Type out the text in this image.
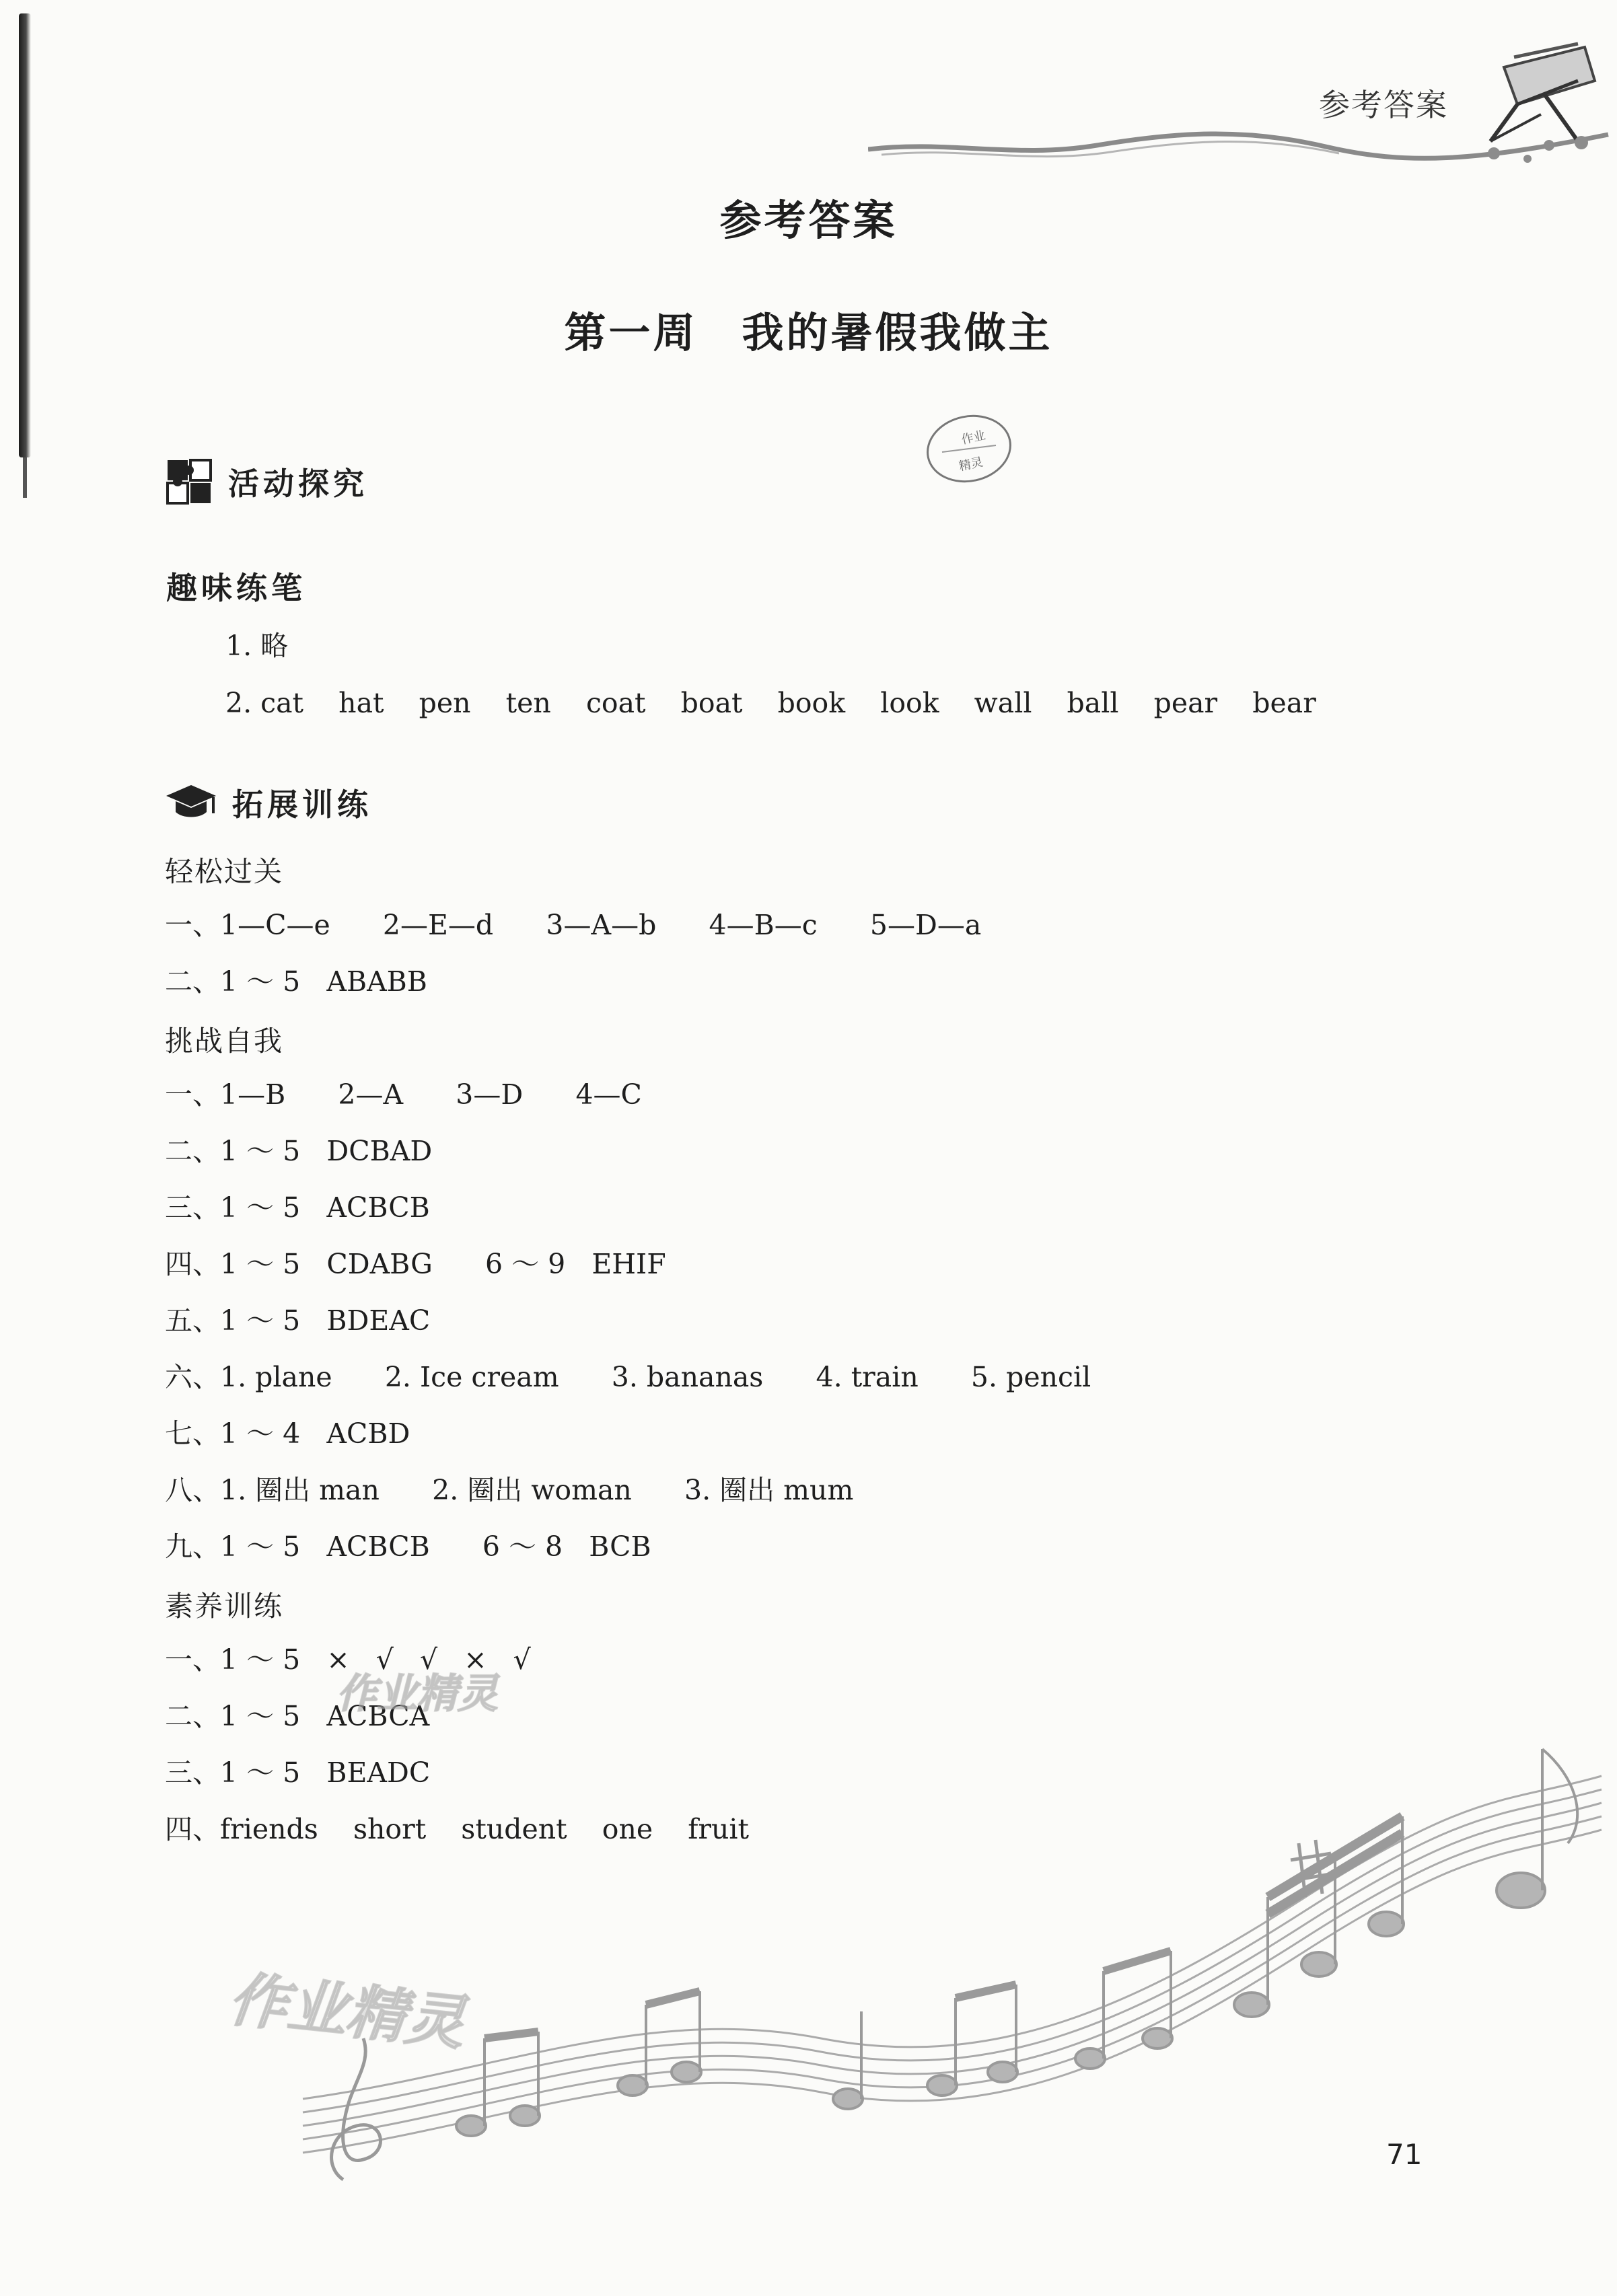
参考答案
参考答案
第一周　我的暑假我做主
作业
精灵
活动探究
趣味练笔
1. 略
2. cat    hat    pen    ten    coat    boat    book    look    wall    ball    pear    bear
拓展训练
轻松过关
一、1—C—e      2—E—d      3—A—b      4—B—c      5—D—a
二、1 ～ 5   ABABB
挑战自我
一、1—B      2—A      3—D      4—C
二、1 ～ 5   DCBAD
三、1 ～ 5   ACBCB
四、1 ～ 5   CDABG      6 ～ 9   EHIF
五、1 ～ 5   BDEAC
六、1. plane      2. Ice cream      3. bananas      4. train      5. pencil
七、1 ～ 4   ACBD
八、1. 圈出 man      2. 圈出 woman      3. 圈出 mum
九、1 ～ 5   ACBCB      6 ～ 8   BCB
素养训练
一、1 ～ 5   ×   √   √   ×   √
二、1 ～ 5   ACBCA
三、1 ～ 5   BEADC
四、friends    short    student    one    fruit
作业精灵
作业精灵
71
